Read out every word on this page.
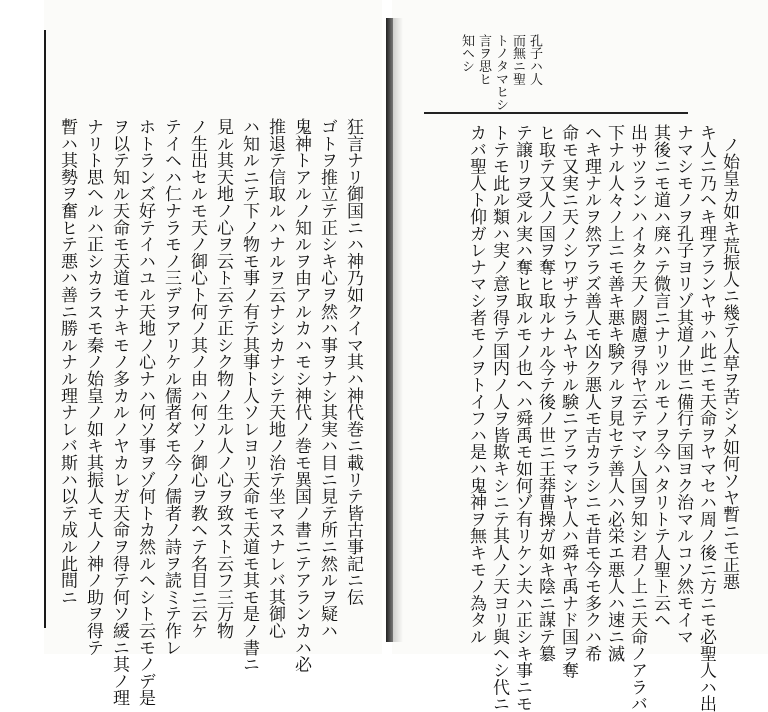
孔子ハ人
而無ニ聖
トノタマヒシ
言ヲ思ヒ
知ヘシ
ノ始皇カ如キ荒振人ニ幾テ人草ヲ苦シメ如何ソヤ暫ニモ正悪
キ人ニ乃ヘキ理アランヤサハ此ニモ天命ヲヤマセハ周ノ後ニ方ニモ必聖人ハ出
ナマシモノヲ孔子ヨリゾ其道ノ世ニ備行テ国ヨク治マルコソ然モイマ
其後ニモ道ハ廃ハテ微言ニナリツルモノヲ今ハタリトテ人聖ト云ヘ
出サツランハイタク天ノ閼慮ヲ得ヤ云テマシ人国ヲ知シ君ノ上ニ天命ノアラバ
下ナル人々ノ上ニモ善キ悪キ験アルヲ見セテ善人ハ必栄エ悪人ハ速ニ滅
ヘキ理ナルヲ然アラズ善人モ凶ク悪人モ吉カラシニモ昔モ今モ多クハ希
命モ又実ニ天ノシワザナラムヤサル験ニアラマシヤ人ハ舜ヤ禹ナド国ヲ奪
ヒ取テ又人ノ国ヲ奪ヒ取ルナル今テ後ノ世ニ王莽曹操ガ如キ陰ニ謀テ簒
テ譲リヲ受ル実ハ奪ヒ取ルモノ也ヘハ舜禹モ如何ゾ有リケン夫ハ正シキ事ニモ
トテモ此ル類ハ実ノ意ヲ得テ国内ノ人ヲ皆欺キシニテ其人ノ天ヨリ與ヘシ代ニ
カバ聖人ト仰ガレナマシ者モノヲトイフハ是ハ鬼神ヲ無キモノ為タル
狂言ナリ御国ニハ神乃如クイマ其ハ神代巻ニ載リテ皆古事記ニ伝
ゴトヲ推立テ正シキ心ヲ然ハ事ヲナシ其実ハ目ニ見テ所ニ然ルヲ疑ハ
鬼神トアルノ知ルヲ由アルカハモシ神代ノ巻モ異国ノ書ニテアランカハ必
推退テ信取ルハナルヲ云ナシカナシテ天地ノ治テ坐マスナレバ其御心
ハ知ルニテ下ノ物モ事ノ有テ其事ト人ソレヨリ天命モ天道モ其モ是ノ書ニ
見ル其天地ノ心ヲ云ト云テ正シク物ノ生ル人ノ心ヲ致スト云フ三万物
ノ生出セルモ天ノ御心ト何ノ其ノ由ハ何ソノ御心ヲ教ヘテ名目ニ云ケ
テイヘハ仁ナラモノ三デヲアリケル儒者ダモ今ノ儒者ノ詩ヲ読ミテ作レ
ホトランズ好テイハユル天地ノ心ナハ何ソ事ヲゾ何トカ然ルヘシト云モノデ是
ヲ以テ知ル天命モ天道モナキモノ多カルノヤカレガ天命ヲ得テ何ソ緩ニ其ノ理
ナリト思ヘルハ正シカラスモ秦ノ始皇ノ如キ其振人モ人ノ神ノ助ヲ得テ
暫ハ其勢ヲ奮ヒテ悪ハ善ニ勝ルナル理ナレバ斯ハ以テ成ル此間ニ
